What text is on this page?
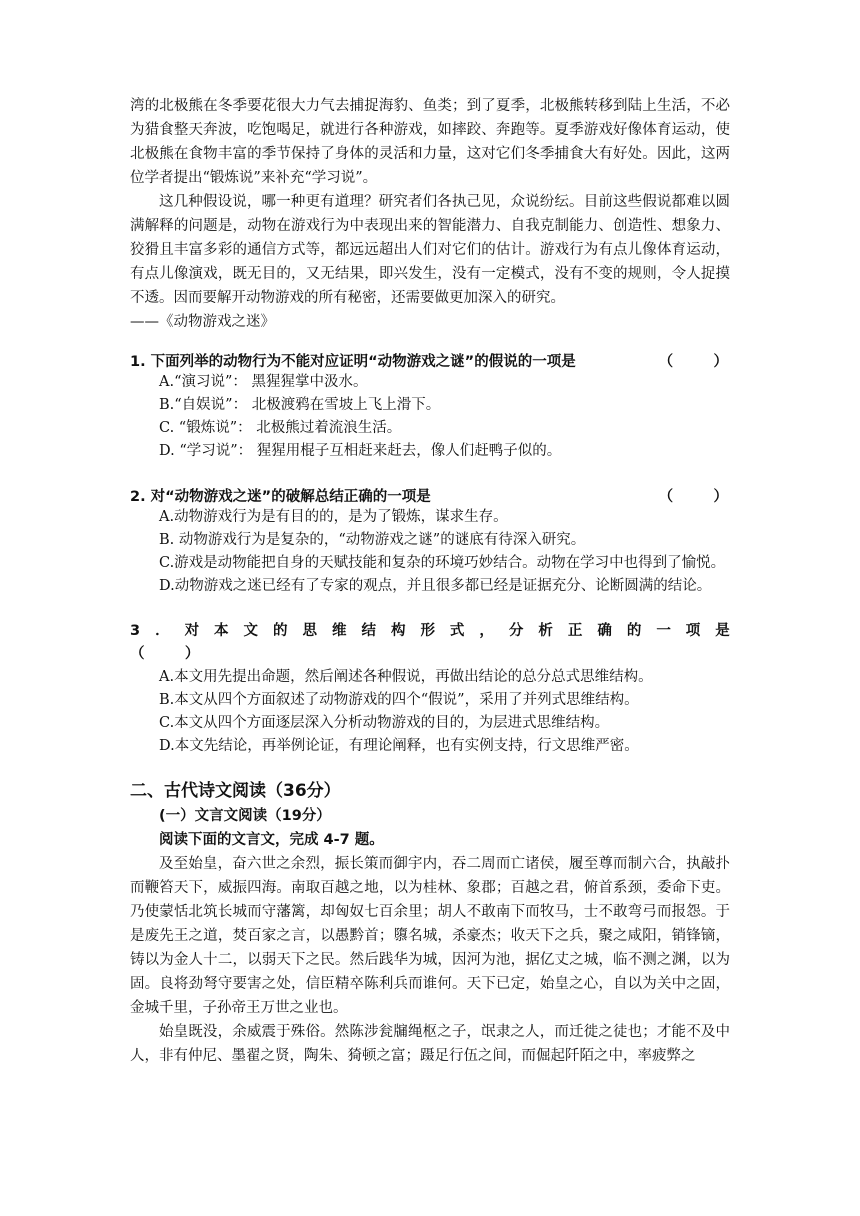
湾的北极熊在冬季要花很大力气去捕捉海豹、鱼类；到了夏季，北极熊转移到陆上生活，不必为猎食整天奔波，吃饱喝足，就进行各种游戏，如摔跤、奔跑等。夏季游戏好像体育运动，使北极熊在食物丰富的季节保持了身体的灵活和力量，这对它们冬季捕食大有好处。因此，这两位学者提出“锻炼说”来补充“学习说”。

这几种假设说，哪一种更有道理？研究者们各执己见，众说纷纭。目前这些假说都难以圆满解释的问题是，动物在游戏行为中表现出来的智能潜力、自我克制能力、创造性、想象力、狡猾且丰富多彩的通信方式等，都远远超出人们对它们的估计。游戏行为有点儿像体育运动，有点儿像演戏，既无目的，又无结果，即兴发生，没有一定模式，没有不变的规则，令人捉摸不透。因而要解开动物游戏的所有秘密，还需要做更加深入的研究。

——《动物游戏之迷》

1. 下面列举的动物行为不能对应证明“动物游戏之谜”的假说的一项是	（        ）

A.“演习说”： 黑猩猩掌中汲水。

B.“自娱说”： 北极渡鸦在雪坡上飞上滑下。

C. “锻炼说”： 北极熊过着流浪生活。

D. “学习说”： 猩猩用棍子互相赶来赶去，像人们赶鸭子似的。

2. 对“动物游戏之迷”的破解总结正确的一项是	（        ）

A.动物游戏行为是有目的的，是为了锻炼，谋求生存。

B. 动物游戏行为是复杂的，“动物游戏之谜”的谜底有待深入研究。

C.游戏是动物能把自身的天赋技能和复杂的环境巧妙结合。动物在学习中也得到了愉悦。

D.动物游戏之迷已经有了专家的观点，并且很多都已经是证据充分、论断圆满的结论。

3 ． 对 本 文 的 思 维 结 构 形 式 ， 分 析 正 确 的 一 项 是
（        ）

A.本文用先提出命题，然后阐述各种假说，再做出结论的总分总式思维结构。

B.本文从四个方面叙述了动物游戏的四个“假说”，采用了并列式思维结构。

C.本文从四个方面逐层深入分析动物游戏的目的，为层进式思维结构。

D.本文先结论，再举例论证，有理论阐释，也有实例支持，行文思维严密。

二、古代诗文阅读（36分）
(一）文言文阅读（19分）
阅读下面的文言文，完成 4-7 题。

及至始皇，奋六世之余烈，振长策而御宇内，吞二周而亡诸侯，履至尊而制六合，执敲扑而鞭笞天下，威振四海。南取百越之地，以为桂林、象郡；百越之君，俯首系颈，委命下吏。乃使蒙恬北筑长城而守藩篱，却匈奴七百余里；胡人不敢南下而牧马，士不敢弯弓而报怨。于是废先王之道，焚百家之言，以愚黔首；隳名城，杀豪杰；收天下之兵，聚之咸阳，销锋镝，铸以为金人十二，以弱天下之民。然后践华为城，因河为池，据亿丈之城，临不测之渊，以为固。良将劲弩守要害之处，信臣精卒陈利兵而谁何。天下已定，始皇之心，自以为关中之固，金城千里，子孙帝王万世之业也。

始皇既没，余威震于殊俗。然陈涉瓮牖绳枢之子，氓隶之人，而迁徙之徒也；才能不及中人，非有仲尼、墨翟之贤，陶朱、猗顿之富；蹑足行伍之间，而倔起阡陌之中，率疲弊之
